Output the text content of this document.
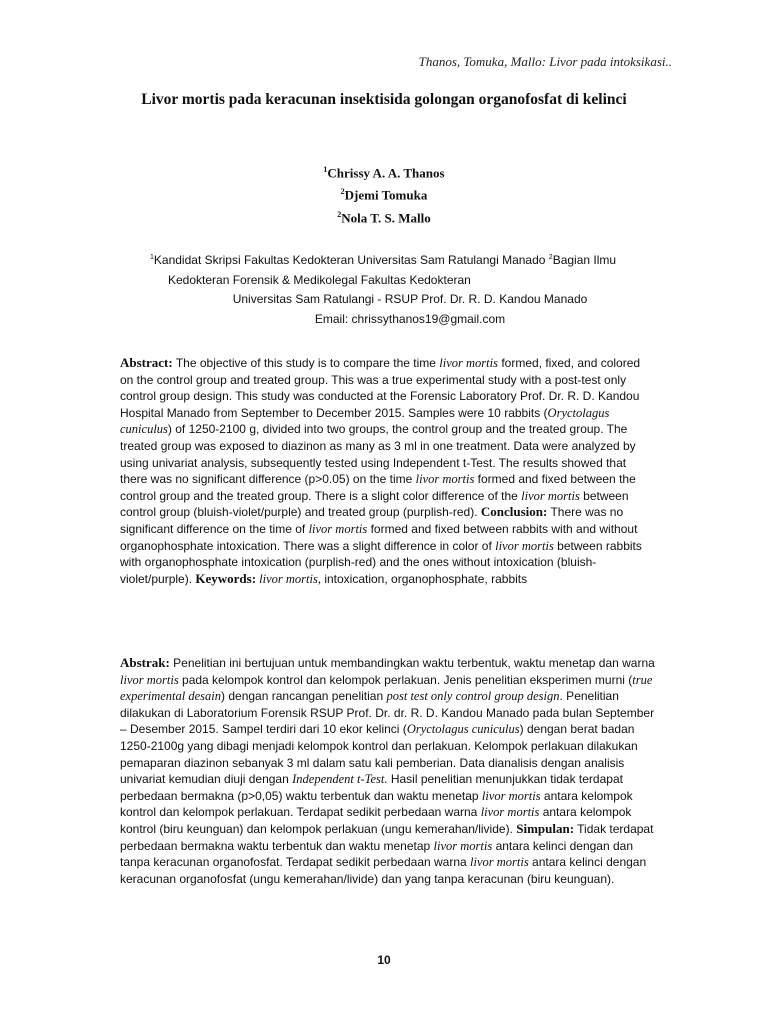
Thanos, Tomuka, Mallo: Livor pada intoksikasi..
Livor mortis pada keracunan insektisida golongan organofosfat di kelinci
$^1$Chrissy A. A. Thanos
$^2$Djemi Tomuka
$^2$Nola T. S. Mallo
$^1$Kandidat Skripsi Fakultas Kedokteran Universitas Sam Ratulangi Manado $^2$Bagian Ilmu
Kedokteran Forensik & Medikolegal Fakultas Kedokteran
Universitas Sam Ratulangi - RSUP Prof. Dr. R. D. Kandou Manado
Email: chrissythanos19@gmail.com
Abstract: The objective of this study is to compare the time livor mortis formed, fixed, and colored on the control group and treated group. This was a true experimental study with a post-test only control group design. This study was conducted at the Forensic Laboratory Prof. Dr. R. D. Kandou Hospital Manado from September to December 2015. Samples were 10 rabbits (Oryctolagus cuniculus) of 1250-2100 g, divided into two groups, the control group and the treated group. The treated group was exposed to diazinon as many as 3 ml in one treatment. Data were analyzed by using univariat analysis, subsequently tested using Independent t-Test. The results showed that there was no significant difference (p>0.05) on the time livor mortis formed and fixed between the control group and the treated group. There is a slight color difference of the livor mortis between control group (bluish-violet/purple) and treated group (purplish-red). Conclusion: There was no significant difference on the time of livor mortis formed and fixed between rabbits with and without organophosphate intoxication. There was a slight difference in color of livor mortis between rabbits with organophosphate intoxication (purplish-red) and the ones without intoxication (bluish-violet/purple). Keywords: livor mortis, intoxication, organophosphate, rabbits
Abstrak: Penelitian ini bertujuan untuk membandingkan waktu terbentuk, waktu menetap dan warna livor mortis pada kelompok kontrol dan kelompok perlakuan. Jenis penelitian eksperimen murni (true experimental desain) dengan rancangan penelitian post test only control group design. Penelitian dilakukan di Laboratorium Forensik RSUP Prof. Dr. dr. R. D. Kandou Manado pada bulan September – Desember 2015. Sampel terdiri dari 10 ekor kelinci (Oryctolagus cuniculus) dengan berat badan 1250-2100g yang dibagi menjadi kelompok kontrol dan perlakuan. Kelompok perlakuan dilakukan pemaparan diazinon sebanyak 3 ml dalam satu kali pemberian. Data dianalisis dengan analisis univariat kemudian diuji dengan Independent t-Test. Hasil penelitian menunjukkan tidak terdapat perbedaan bermakna (p>0,05) waktu terbentuk dan waktu menetap livor mortis antara kelompok kontrol dan kelompok perlakuan. Terdapat sedikit perbedaan warna livor mortis antara kelompok kontrol (biru keunguan) dan kelompok perlakuan (ungu kemerahan/livide). Simpulan: Tidak terdapat perbedaan bermakna waktu terbentuk dan waktu menetap livor mortis antara kelinci dengan dan tanpa keracunan organofosfat. Terdapat sedikit perbedaan warna livor mortis antara kelinci dengan keracunan organofosfat (ungu kemerahan/livide) dan yang tanpa keracunan (biru keunguan).
10
